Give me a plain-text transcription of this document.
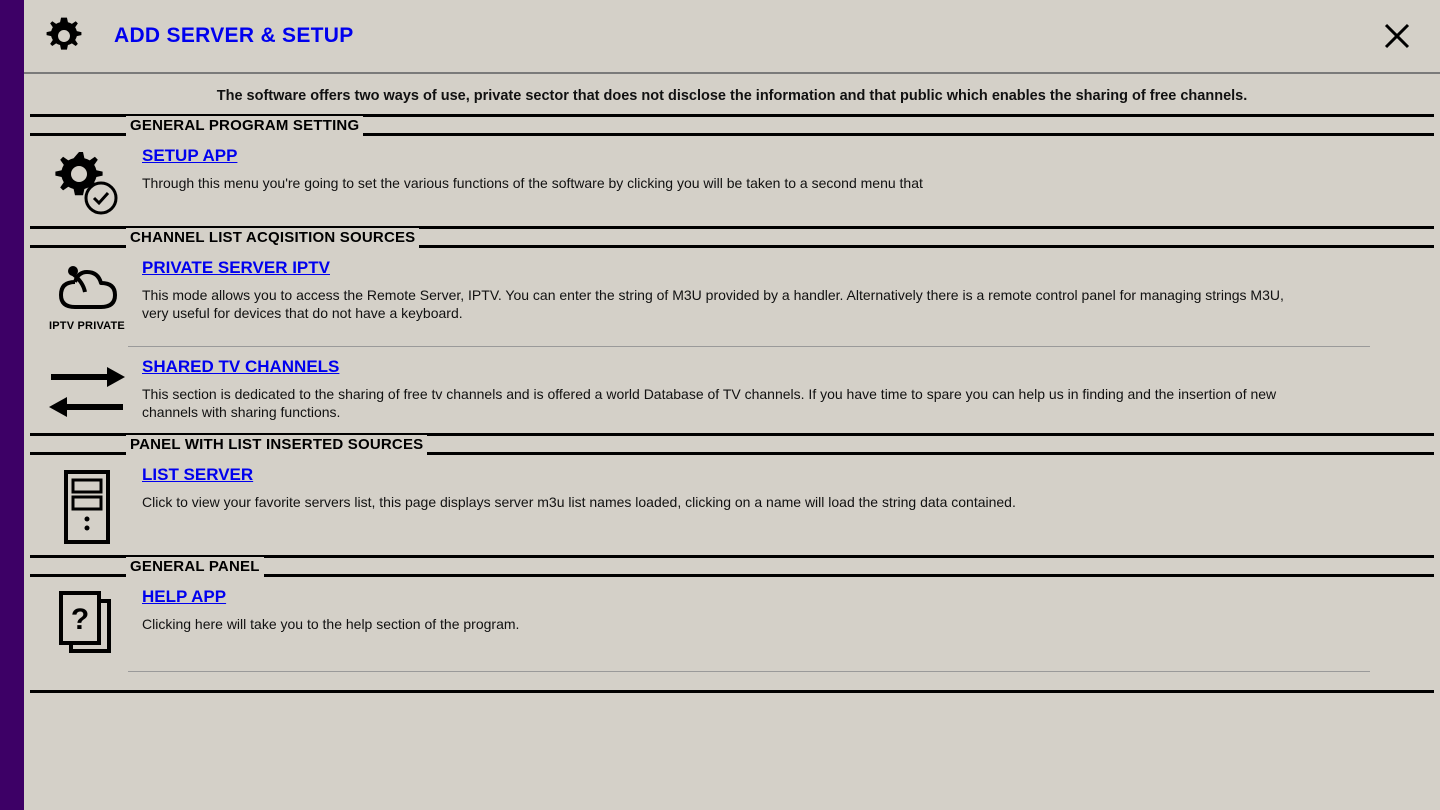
ADD SERVER & SETUP
The software offers two ways of use, private sector that does not disclose the information and that public which enables the sharing of free channels.
GENERAL PROGRAM SETTING
SETUP APP
Through this menu you're going to set the various functions of the software by clicking you will be taken to a second menu that
CHANNEL LIST ACQISITION SOURCES
IPTV PRIVATE
PRIVATE SERVER IPTV
This mode allows you to access the Remote Server, IPTV. You can enter the string of M3U provided by a handler. Alternatively there is a remote control panel for managing strings M3U, very useful for devices that do not have a keyboard.
SHARED TV CHANNELS
This section is dedicated to the sharing of free tv channels and is offered a world Database of TV channels. If you have time to spare you can help us in finding and the insertion of new channels with sharing functions.
PANEL WITH LIST INSERTED SOURCES
LIST SERVER
Click to view your favorite servers list, this page displays server m3u list names loaded, clicking on a name will load the string data contained.
GENERAL PANEL
?
HELP APP
Clicking here will take you to the help section of the program.
